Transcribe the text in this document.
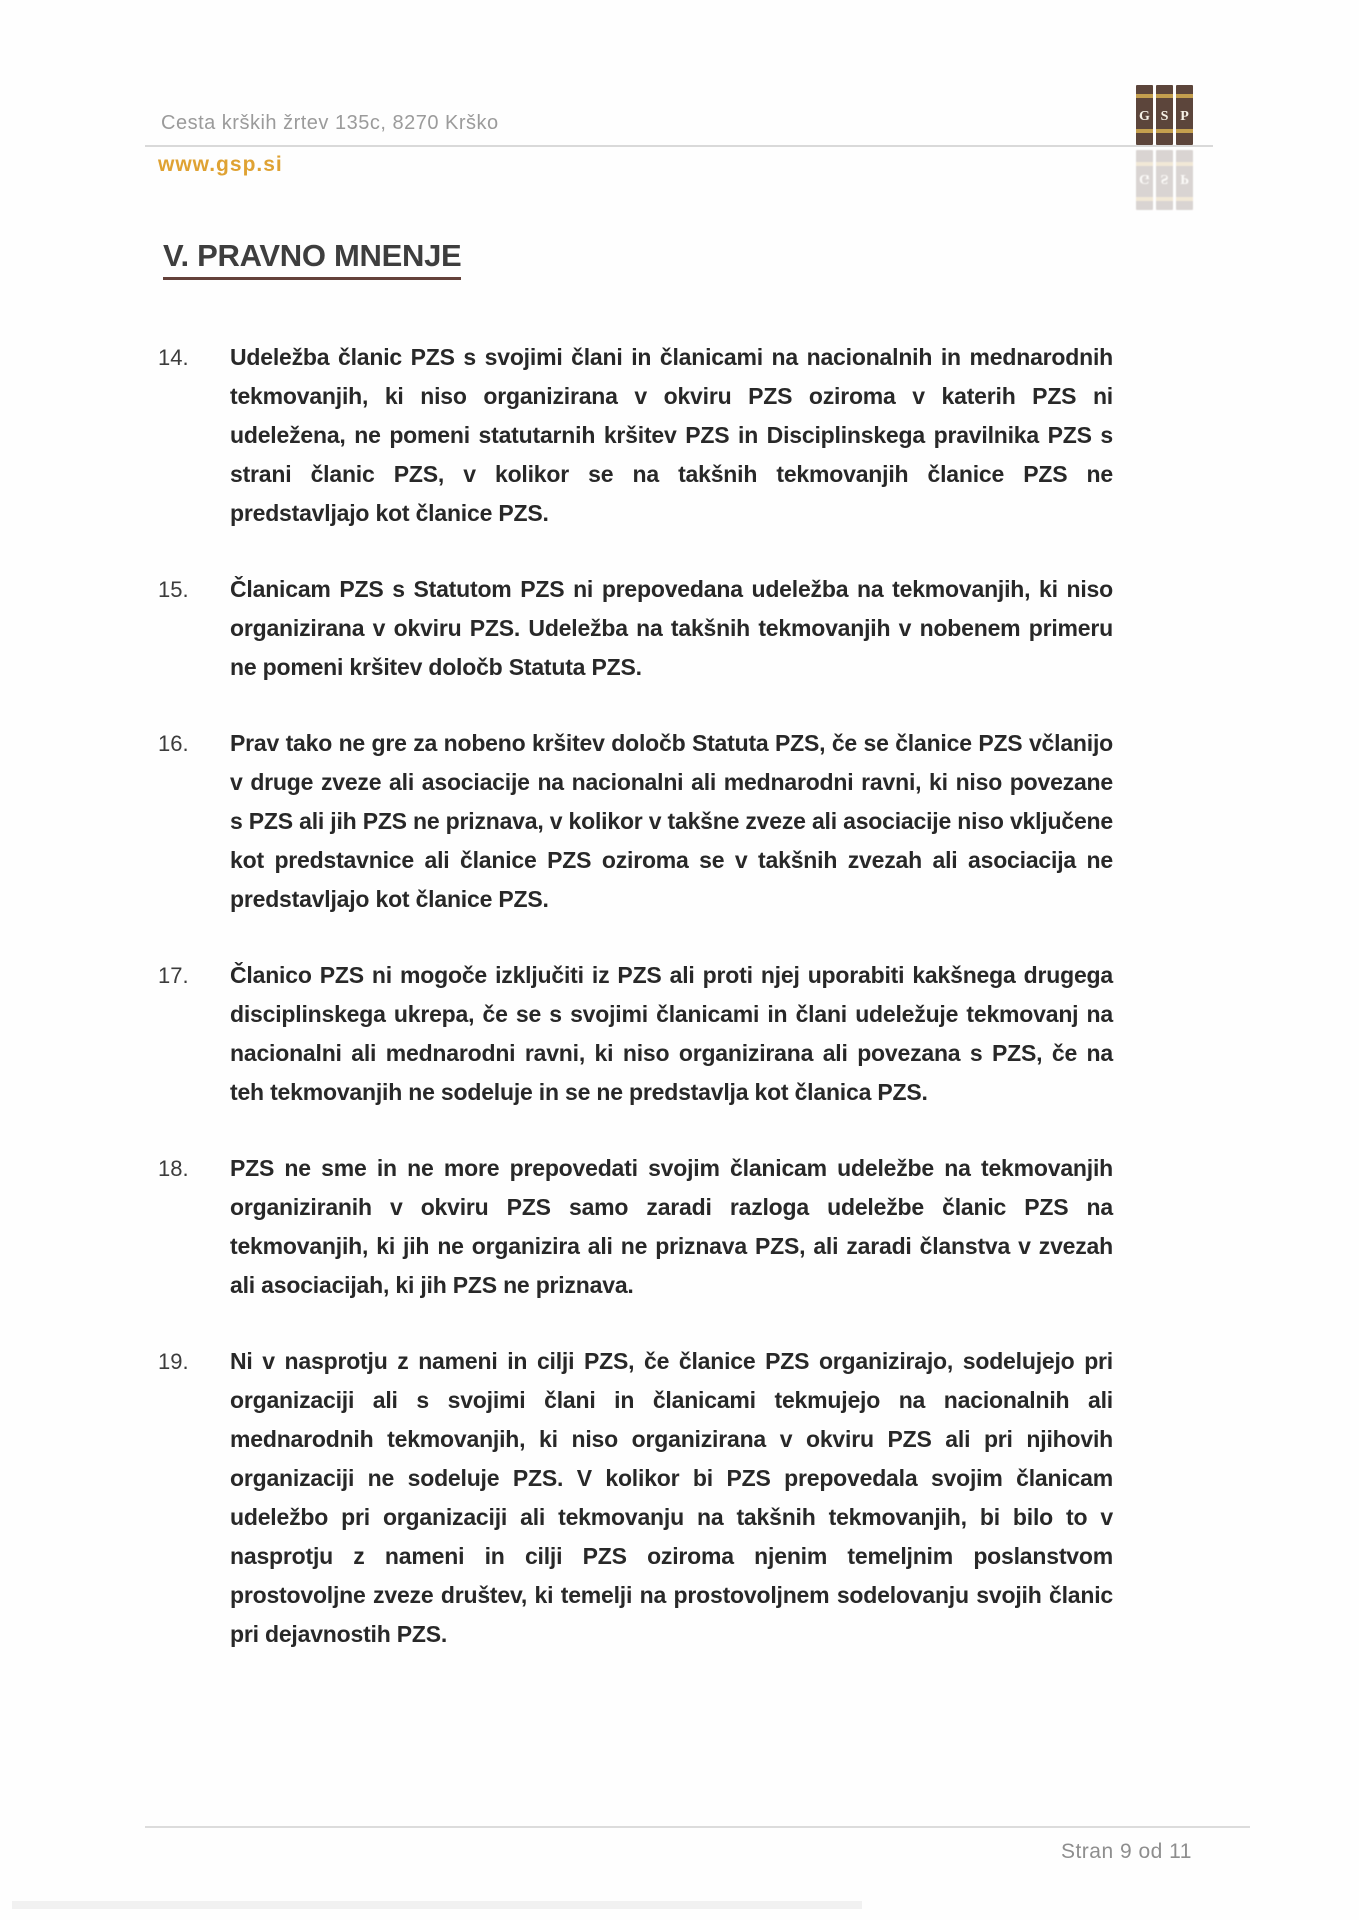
Cesta krških žrtev 135c, 8270 Krško
www.gsp.si
G S P
G S P
V. PRAVNO MNENJE
14.	Udeležba članic PZS s svojimi člani in članicami na nacionalnih in mednarodnih tekmovanjih, ki niso organizirana v okviru PZS oziroma v katerih PZS ni udeležena, ne pomeni statutarnih kršitev PZS in Disciplinskega pravilnika PZS s strani članic PZS, v kolikor se na takšnih tekmovanjih članice PZS ne predstavljajo kot članice PZS.
15.	Članicam PZS s Statutom PZS ni prepovedana udeležba na tekmovanjih, ki niso organizirana v okviru PZS. Udeležba na takšnih tekmovanjih v nobenem primeru ne pomeni kršitev določb Statuta PZS.
16.	Prav tako ne gre za nobeno kršitev določb Statuta PZS, če se članice PZS včlanijo v druge zveze ali asociacije na nacionalni ali mednarodni ravni, ki niso povezane s PZS ali jih PZS ne priznava, v kolikor v takšne zveze ali asociacije niso vključene kot predstavnice ali članice PZS oziroma se v takšnih zvezah ali asociacija ne predstavljajo kot članice PZS.
17.	Članico PZS ni mogoče izključiti iz PZS ali proti njej uporabiti kakšnega drugega disciplinskega ukrepa, če se s svojimi članicami in člani udeležuje tekmovanj na nacionalni ali mednarodni ravni, ki niso organizirana ali povezana s PZS, če na teh tekmovanjih ne sodeluje in se ne predstavlja kot članica PZS.
18.	PZS ne sme in ne more prepovedati svojim članicam udeležbe na tekmovanjih organiziranih v okviru PZS samo zaradi razloga udeležbe članic PZS na tekmovanjih, ki jih ne organizira ali ne priznava PZS, ali zaradi članstva v zvezah ali asociacijah, ki jih PZS ne priznava.
19.	Ni v nasprotju z nameni in cilji PZS, če članice PZS organizirajo, sodelujejo pri organizaciji ali s svojimi člani in članicami tekmujejo na nacionalnih ali mednarodnih tekmovanjih, ki niso organizirana v okviru PZS ali pri njihovih organizaciji ne sodeluje PZS. V kolikor bi PZS prepovedala svojim članicam udeležbo pri organizaciji ali tekmovanju na takšnih tekmovanjih, bi bilo to v nasprotju z nameni in cilji PZS oziroma njenim temeljnim poslanstvom prostovoljne zveze društev, ki temelji na prostovoljnem sodelovanju svojih članic pri dejavnostih PZS.
Stran 9 od 11
